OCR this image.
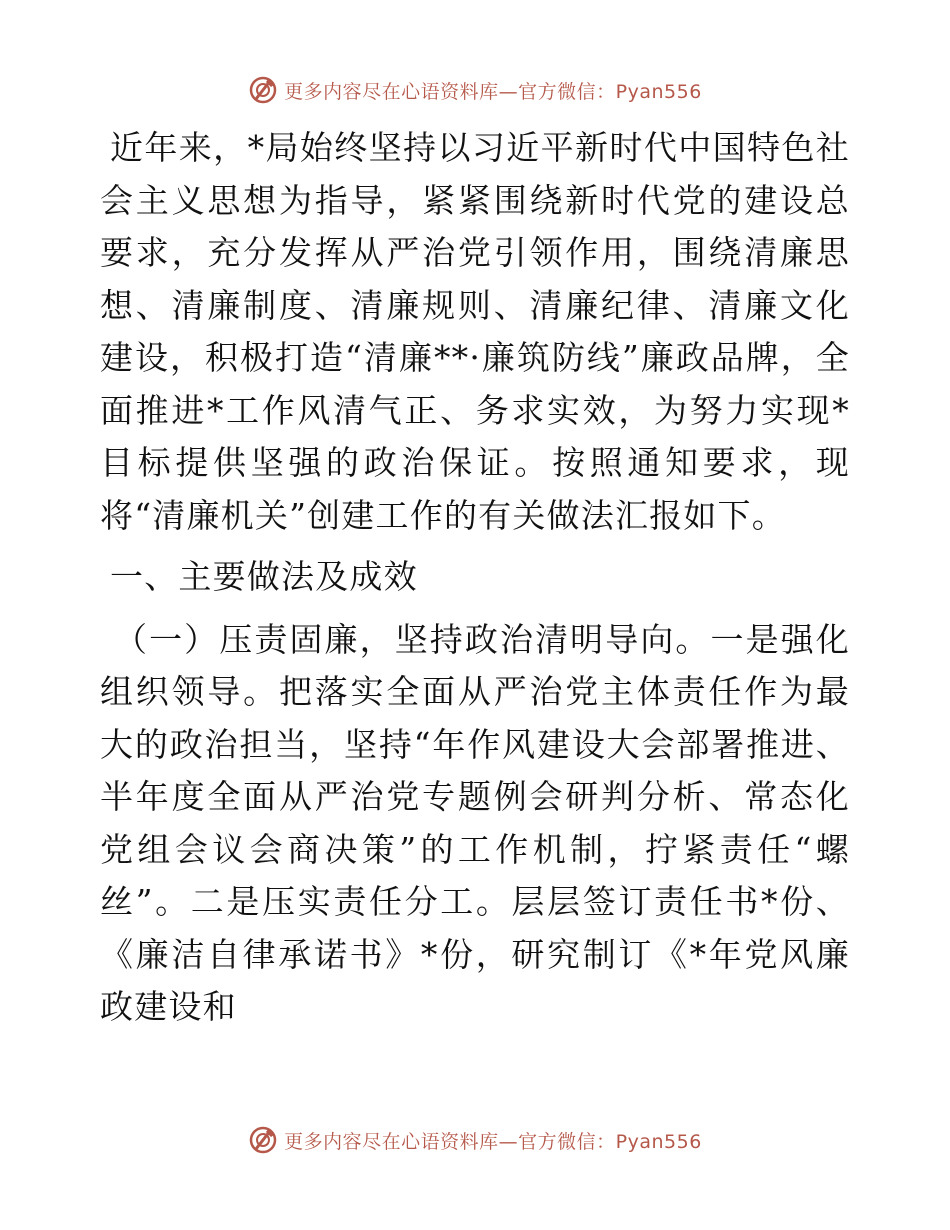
更多内容尽在心语资料库—官方微信：Pyan556

近年来，*局始终坚持以习近平新时代中国特色社会主义思想为指导，紧紧围绕新时代党的建设总要求，充分发挥从严治党引领作用，围绕清廉思想、清廉制度、清廉规则、清廉纪律、清廉文化建设，积极打造“清廉**·廉筑防线”廉政品牌，全面推进*工作风清气正、务求实效，为努力实现*目标提供坚强的政治保证。按照通知要求，现将“清廉机关”创建工作的有关做法汇报如下。

一、主要做法及成效

（一）压责固廉，坚持政治清明导向。一是强化组织领导。把落实全面从严治党主体责任作为最大的政治担当，坚持“年作风建设大会部署推进、半年度全面从严治党专题例会研判分析、常态化党组会议会商决策”的工作机制，拧紧责任“螺丝”。二是压实责任分工。层层签订责任书*份、《廉洁自律承诺书》*份，研究制订《*年党风廉政建设和

更多内容尽在心语资料库—官方微信：Pyan556
